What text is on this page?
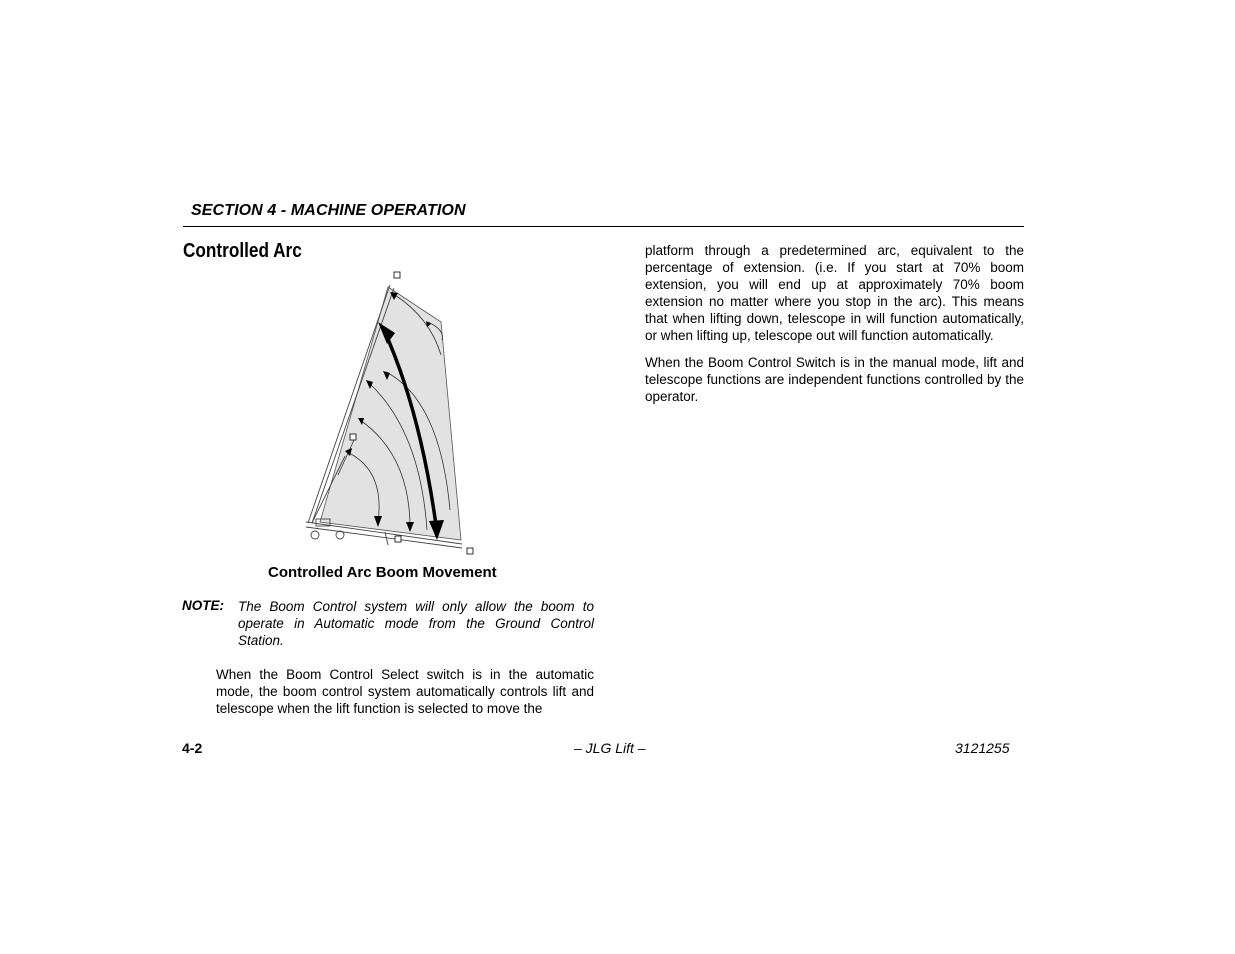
SECTION 4 - MACHINE OPERATION
Controlled Arc
Controlled Arc Boom Movement
NOTE: The Boom Control system will only allow the boom to operate in Automatic mode from the Ground Control Station.
When the Boom Control Select switch is in the automatic mode, the boom control system automatically controls lift and telescope when the lift function is selected to move the
platform through a predetermined arc, equivalent to the percentage of extension. (i.e. If you start at 70% boom extension, you will end up at approximately 70% boom extension no matter where you stop in the arc). This means that when lifting down, telescope in will function automatically, or when lifting up, telescope out will function automatically.
When the Boom Control Switch is in the manual mode, lift and telescope functions are independent functions controlled by the operator.
4-2	– JLG Lift –	3121255
